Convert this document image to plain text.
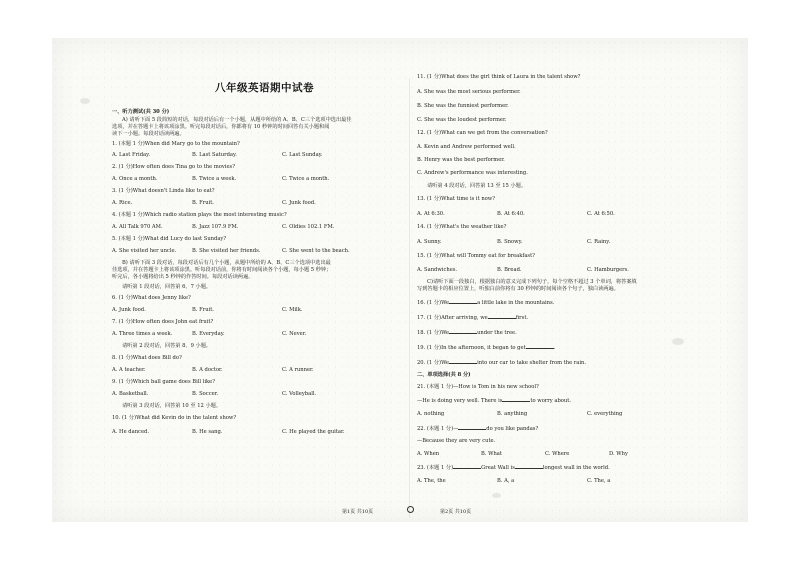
八年级英语期中试卷
一、听力测试(共 30 分)
A) 请听下面 5 段简短的对话，每段对话后有一个小题，从题中所给的 A、B、C三个选项中选出最佳
选项，并在答题卡上将该项涂黑。听完每段对话后，你都将有 10 秒钟的时间回答有关小题和阅
读下一小题。每段对话读两遍。
1. (本题 1 分)When did Mary go to the mountain?
A. Last Friday.	B. Last Saturday.	C. Last Sunday.
2. (1 分)How often does Tina go to the movies?
A. Once a month.	B. Twice a week.	C. Twice a month.
3. (1 分)What doesn't Linda like to eat?
A. Rice.	B. Fruit.	C. Junk food.
4. (本题 1 分)Which radio station plays the most interesting music?
A. All Talk 970 AM.	B. Jazz 107.9 FM.	C. Oldies 102.1 FM.
5. (本题 1 分)What did Lucy do last Sunday?
A. She visited her uncle.	B. She visited her friends.	C. She went to the beach.
B) 请听下面 3 段对话，每段对话后有几个小题，从题中所给的 A、B、C三个选项中选出最
佳选项，并在答题卡上将该项涂黑。听每段对话前，你将有时间阅读各个小题，每小题 5 秒钟；
听完后，各小题将给出 5 秒钟的作答时间。每段对话读两遍。
请听第 1 段对话，回答第 6、7 小题。
6. (1 分)What does Jenny like?
A. Junk food.	B. Fruit.	C. Milk.
7. (1 分)How often does John eat fruit?
A. Three times a week.	B. Everyday.	C. Never.
请听第 2 段对话，回答第 8、9 小题。
8. (1 分)What does Bill do?
A. A teacher.	B. A doctor.	C. A runner.
9. (1 分)Which ball game does Bill like?
A. Basketball.	B. Soccer.	C. Volleyball.
请听第 3 段对话，回答第 10 至 12 小题。
10. (1 分)What did Kevin do in the talent show?
A. He danced.	B. He sang.	C. He played the guitar.
11. (1 分)What does the girl think of Laura in the talent show?
A. She was the most serious performer.
B. She was the funniest performer.
C. She was the loudest performer.
12. (1 分)What can we get from the conversation?
A. Kevin and Andrew performed well.
B. Henry was the best performer.
C. Andrew's performance was interesting.
请听第 4 段对话，回答第 13 至 15 小题。
13. (1 分)What time is it now?
A. At 6:30.	B. At 6:40.	C. At 6:50.
14. (1 分)What's the weather like?
A. Sunny.	B. Snowy.	C. Rainy.
15. (1 分)What will Tommy eat for breakfast?
A. Sandwiches.	B. Bread.	C. Hamburgers.
C)请听下面一段独白，根据独白的意义完成下列句子，每个空格不超过 3 个单词，将答案填
写到答题卡的相应位置上，听独白前你将有 30 秒钟的时间阅读各个句子，独白读两遍。
16. (1 分)We	a little lake in the mountains.
17. (1 分)After arriving, we	first.
18. (1 分)We	under the tree.
19. (1 分)In the afternoon, it began to get	.
20. (1 分)We	into our car to take shelter from the rain.
二、单项选择(共 8 分)
21. (本题 1 分)—How is Tom in his new school?
—He is doing very well. There is	to worry about.
A. nothing	B. anything	C. everything
22. (本题 1 分)—	do you like pandas?
—Because they are very cute.
A. When	B. What	C. Where	D. Why
23. (本题 1 分)	Great Wall is	longest wall in the world.
A. The, the	B. A, a	C. The, a
第1页 共10页	第2页 共10页
